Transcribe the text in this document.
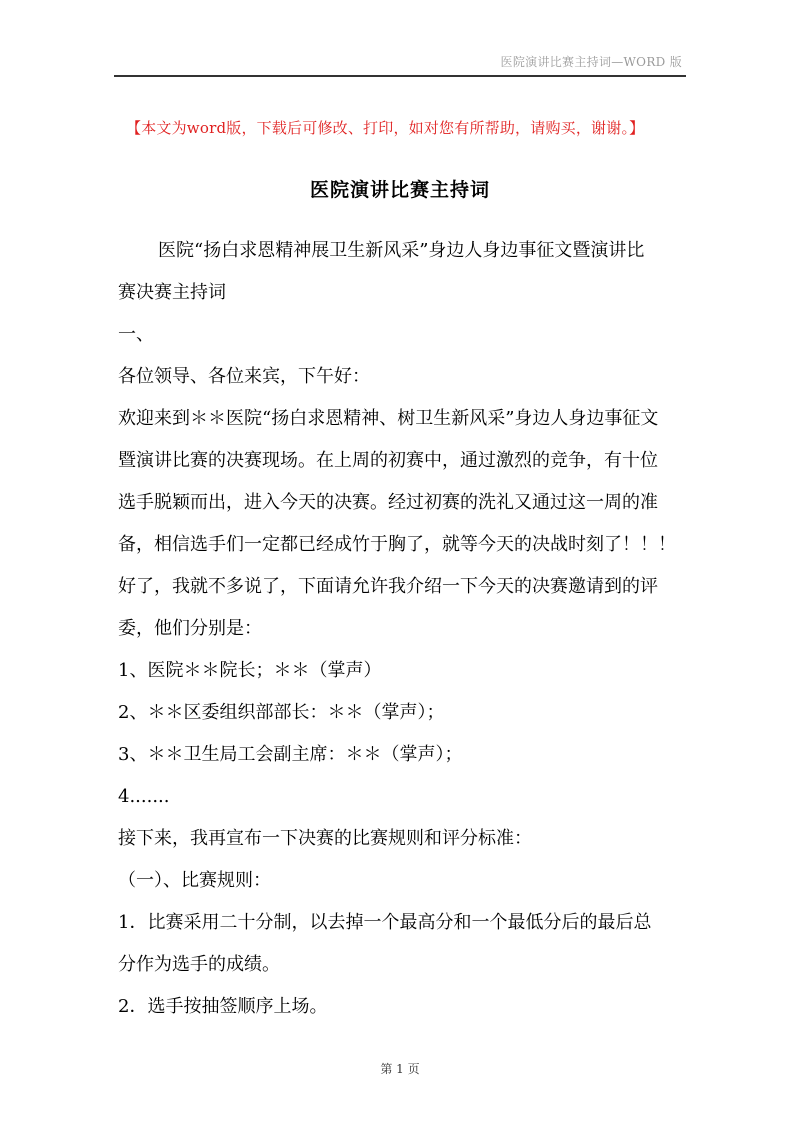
医院演讲比赛主持词—WORD 版
【本文为word版，下载后可修改、打印，如对您有所帮助，请购买，谢谢。】
医院演讲比赛主持词
医院“扬白求恩精神展卫生新风采”身边人身边事征文暨演讲比
赛决赛主持词
一、
各位领导、各位来宾，下午好：
欢迎来到＊＊医院“扬白求恩精神、树卫生新风采”身边人身边事征文
暨演讲比赛的决赛现场。在上周的初赛中，通过激烈的竞争，有十位
选手脱颖而出，进入今天的决赛。经过初赛的洗礼又通过这一周的准
备，相信选手们一定都已经成竹于胸了，就等今天的决战时刻了！！！
好了，我就不多说了，下面请允许我介绍一下今天的决赛邀请到的评
委，他们分别是：
1、医院＊＊院长；＊＊（掌声）
2、＊＊区委组织部部长：＊＊（掌声）；
3、＊＊卫生局工会副主席：＊＊（掌声）；
4.......
接下来，我再宣布一下决赛的比赛规则和评分标准：
（一）、比赛规则：
1．比赛采用二十分制，以去掉一个最高分和一个最低分后的最后总
分作为选手的成绩。
2．选手按抽签顺序上场。
第 1 页
